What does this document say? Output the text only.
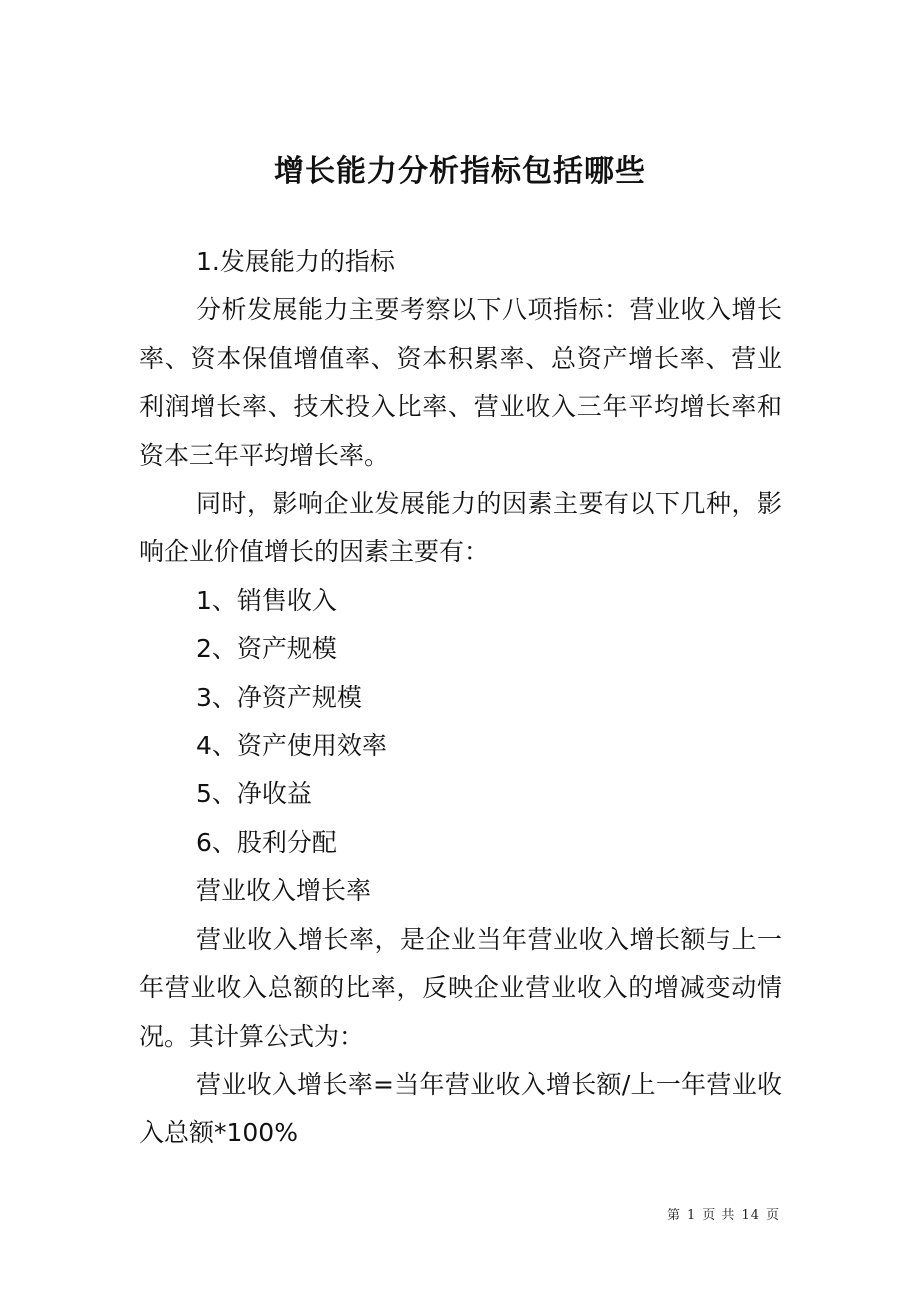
增长能力分析指标包括哪些

1.发展能力的指标

分析发展能力主要考察以下八项指标：营业收入增长率、资本保值增值率、资本积累率、总资产增长率、营业利润增长率、技术投入比率、营业收入三年平均增长率和资本三年平均增长率。

同时，影响企业发展能力的因素主要有以下几种，影响企业价值增长的因素主要有：

1、销售收入

2、资产规模

3、净资产规模

4、资产使用效率

5、净收益

6、股利分配

营业收入增长率

营业收入增长率，是企业当年营业收入增长额与上一年营业收入总额的比率，反映企业营业收入的增减变动情况。其计算公式为：

营业收入增长率=当年营业收入增长额/上一年营业收入总额*100%

第 1 页 共 14 页
